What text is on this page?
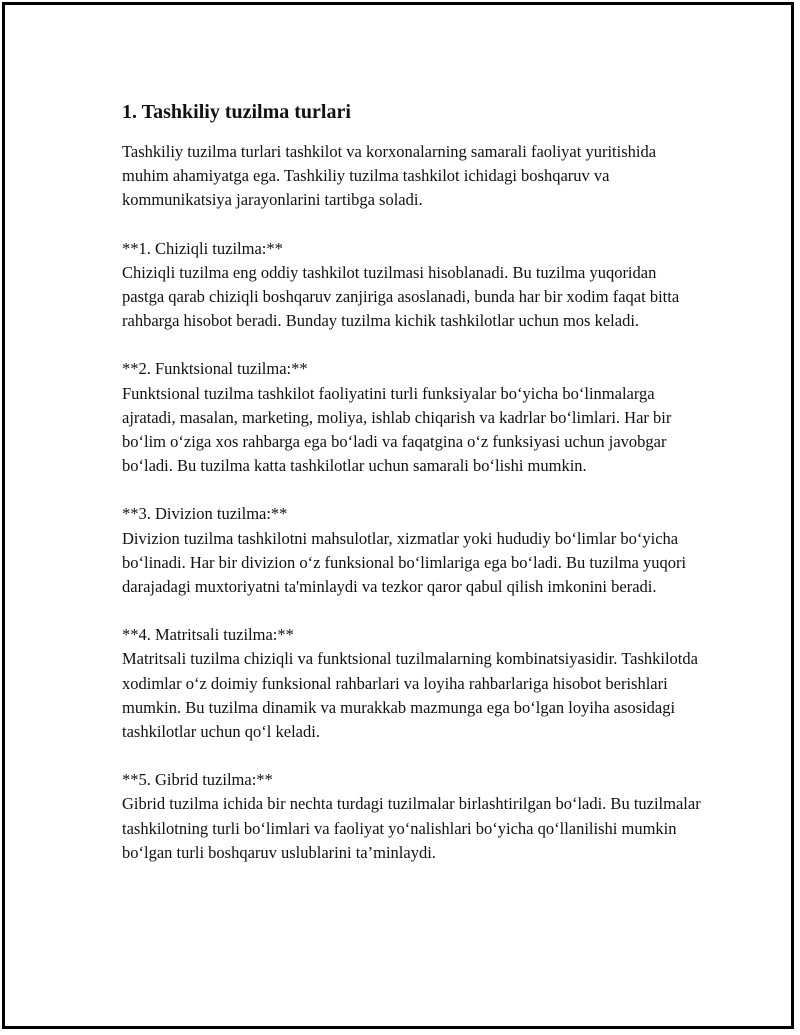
1. Tashkiliy tuzilma turlari
Tashkiliy tuzilma turlari tashkilot va korxonalarning samarali faoliyat yuritishida muhim ahamiyatga ega. Tashkiliy tuzilma tashkilot ichidagi boshqaruv va kommunikatsiya jarayonlarini tartibga soladi.
**1. Chiziqli tuzilma:**
Chiziqli tuzilma eng oddiy tashkilot tuzilmasi hisoblanadi. Bu tuzilma yuqoridan pastga qarab chiziqli boshqaruv zanjiriga asoslanadi, bunda har bir xodim faqat bitta rahbarga hisobot beradi. Bunday tuzilma kichik tashkilotlar uchun mos keladi.
**2. Funktsional tuzilma:**
Funktsional tuzilma tashkilot faoliyatini turli funksiyalar bo‘yicha bo‘linmalarga ajratadi, masalan, marketing, moliya, ishlab chiqarish va kadrlar bo‘limlari. Har bir bo‘lim o‘ziga xos rahbarga ega bo‘ladi va faqatgina o‘z funksiyasi uchun javobgar bo‘ladi. Bu tuzilma katta tashkilotlar uchun samarali bo‘lishi mumkin.
**3. Divizion tuzilma:**
Divizion tuzilma tashkilotni mahsulotlar, xizmatlar yoki hududiy bo‘limlar bo‘yicha bo‘linadi. Har bir divizion o‘z funksional bo‘limlariga ega bo‘ladi. Bu tuzilma yuqori darajadagi muxtoriyatni ta'minlaydi va tezkor qaror qabul qilish imkonini beradi.
**4. Matritsali tuzilma:**
Matritsali tuzilma chiziqli va funktsional tuzilmalarning kombinatsiyasidir. Tashkilotda xodimlar o‘z doimiy funksional rahbarlari va loyiha rahbarlariga hisobot berishlari mumkin. Bu tuzilma dinamik va murakkab mazmunga ega bo‘lgan loyiha asosidagi tashkilotlar uchun qo‘l keladi.
**5. Gibrid tuzilma:**
Gibrid tuzilma ichida bir nechta turdagi tuzilmalar birlashtirilgan bo‘ladi. Bu tuzilmalar tashkilotning turli bo‘limlari va faoliyat yo‘nalishlari bo‘yicha qo‘llanilishi mumkin bo‘lgan turli boshqaruv uslublarini ta’minlaydi.
